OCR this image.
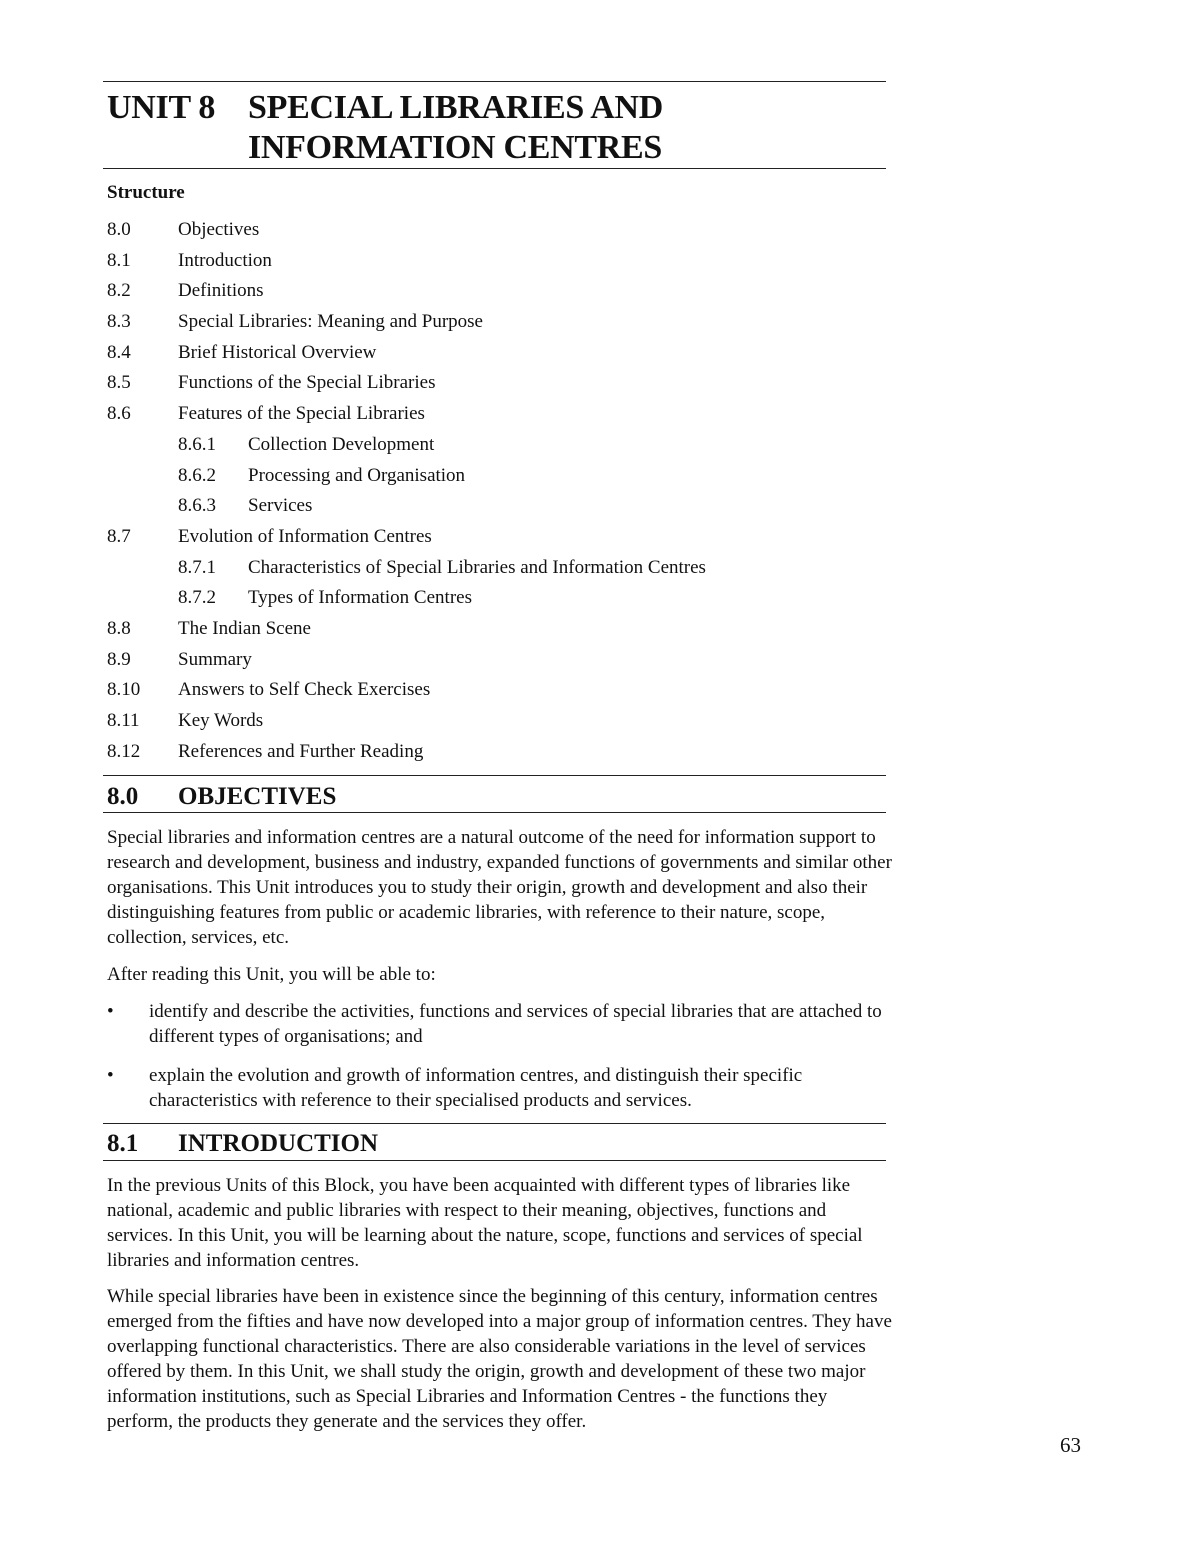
UNIT 8 SPECIAL LIBRARIES AND
INFORMATION CENTRES
Structure
8.0 Objectives
8.1 Introduction
8.2 Definitions
8.3 Special Libraries: Meaning and Purpose
8.4 Brief Historical Overview
8.5 Functions of the Special Libraries
8.6 Features of the Special Libraries
8.6.1 Collection Development
8.6.2 Processing and Organisation
8.6.3 Services
8.7 Evolution of Information Centres
8.7.1 Characteristics of Special Libraries and Information Centres
8.7.2 Types of Information Centres
8.8 The Indian Scene
8.9 Summary
8.10 Answers to Self Check Exercises
8.11 Key Words
8.12 References and Further Reading
8.0 OBJECTIVES

Special libraries and information centres are a natural outcome of the need for information support to research and development, business and industry, expanded functions of governments and similar other organisations. This Unit introduces you to study their origin, growth and development and also their distinguishing features from public or academic libraries, with reference to their nature, scope, collection, services, etc.

After reading this Unit, you will be able to:

• identify and describe the activities, functions and services of special libraries that are attached to different types of organisations; and
• explain the evolution and growth of information centres, and distinguish their specific characteristics with reference to their specialised products and services.
8.1 INTRODUCTION

In the previous Units of this Block, you have been acquainted with different types of libraries like national, academic and public libraries with respect to their meaning, objectives, functions and services. In this Unit, you will be learning about the nature, scope, functions and services of special libraries and information centres.

While special libraries have been in existence since the beginning of this century, information centres emerged from the fifties and have now developed into a major group of information centres. They have overlapping functional characteristics. There are also considerable variations in the level of services offered by them. In this Unit, we shall study the origin, growth and development of these two major information institutions, such as Special Libraries and Information Centres - the functions they perform, the products they generate and the services they offer.

63
